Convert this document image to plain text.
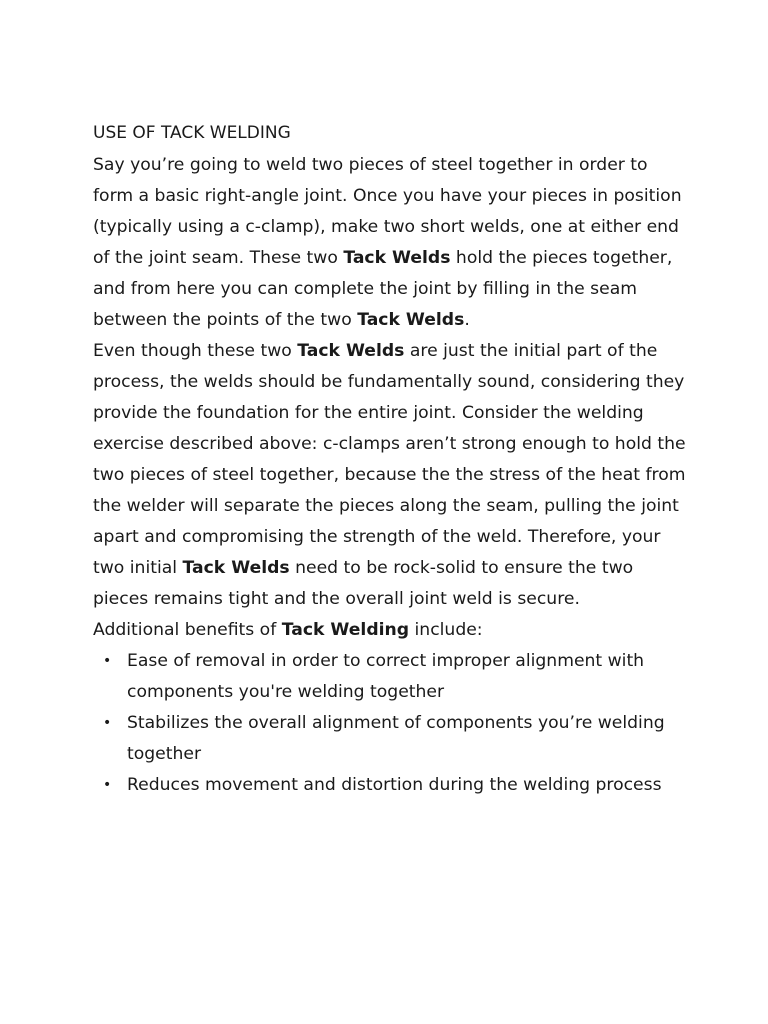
USE OF TACK WELDING

Say you’re going to weld two pieces of steel together in order to form a basic right-angle joint. Once you have your pieces in position (typically using a c-clamp), make two short welds, one at either end of the joint seam. These two Tack Welds hold the pieces together, and from here you can complete the joint by filling in the seam between the points of the two Tack Welds.

Even though these two Tack Welds are just the initial part of the process, the welds should be fundamentally sound, considering they provide the foundation for the entire joint. Consider the welding exercise described above: c-clamps aren’t strong enough to hold the two pieces of steel together, because the the stress of the heat from the welder will separate the pieces along the seam, pulling the joint apart and compromising the strength of the weld. Therefore, your two initial Tack Welds need to be rock-solid to ensure the two pieces remains tight and the overall joint weld is secure.

Additional benefits of Tack Welding include:

• Ease of removal in order to correct improper alignment with components you're welding together
• Stabilizes the overall alignment of components you’re welding together
• Reduces movement and distortion during the welding process
